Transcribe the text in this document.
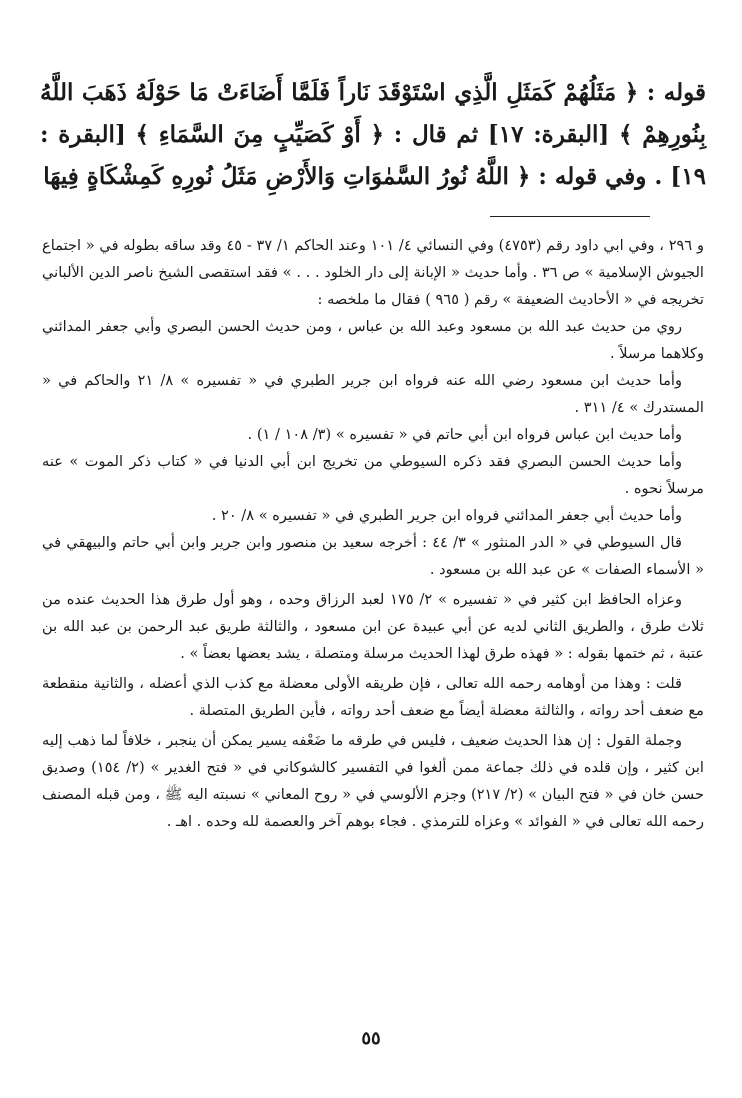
قوله : ﴿ مَثَلُهُمْ كَمَثَلِ الَّذِي اسْتَوْقَدَ نَاراً فَلَمَّا أَضَاءَتْ مَا حَوْلَهُ ذَهَبَ اللَّهُ بِنُورِهِمْ ﴾ [البقرة: ١٧] ثم قال : ﴿ أَوْ كَصَيِّبٍ مِنَ السَّمَاءِ ﴾ [البقرة : ١٩] . وفي قوله : ﴿ اللَّهُ نُورُ السَّمٰوَاتِ وَالأَرْضِ مَثَلُ نُورِهِ كَمِشْكَاةٍ فِيهَا

و ٢٩٦ ، وفي ابي داود رقم (٤٧٥٣) وفي النسائي ٤/ ١٠١ وعند الحاكم ١/ ٣٧ - ٤٥ وقد ساقه بطوله في « اجتماع الجيوش الإسلامية » ص ٣٦ . وأما حديث « الإبانة إلى دار الخلود . . . » فقد استقصى الشيخ ناصر الدين الألباني تخريجه في « الأحاديث الضعيفة » رقم ( ٩٦٥ ) فقال ما ملخصه :

روي من حديث عبد الله بن مسعود وعبد الله بن عباس ، ومن حديث الحسن البصري وأبي جعفر المدائني وكلاهما مرسلاً .

وأما حديث ابن مسعود رضي الله عنه فرواه ابن جرير الطبري في « تفسيره » ٨/ ٢١ والحاكم في « المستدرك » ٤/ ٣١١ .

وأما حديث ابن عباس فرواه ابن أبي حاتم في « تفسيره » (٣/ ١٠٨ / ١) .

وأما حديث الحسن البصري فقد ذكره السيوطي من تخريج ابن أبي الدنيا في « كتاب ذكر الموت » عنه مرسلاً نحوه .

وأما حديث أبي جعفر المدائني فرواه ابن جرير الطبري في « تفسيره » ٨/ ٢٠ .

قال السيوطي في « الدر المنثور » ٣/ ٤٤ : أخرجه سعيد بن منصور وابن جرير وابن أبي حاتم والبيهقي في « الأسماء الصفات » عن عبد الله بن مسعود .

وعزاه الحافظ ابن كثير في « تفسيره » ٢/ ١٧٥ لعبد الرزاق وحده ، وهو أول طرق هذا الحديث عنده من ثلاث طرق ، والطريق الثاني لديه عن أبي عبيدة عن ابن مسعود ، والثالثة طريق عبد الرحمن بن عبد الله بن عتبة ، ثم ختمها بقوله : « فهذه طرق لهذا الحديث مرسلة ومتصلة ، يشد بعضها بعضاً » .

قلت : وهذا من أوهامه رحمه الله تعالى ، فإن طريقه الأولى معضلة مع كذب الذي أعضله ، والثانية منقطعة مع ضعف أحد رواته ، والثالثة معضلة أيضاً مع ضعف أحد رواته ، فأين الطريق المتصلة .

وجملة القول : إن هذا الحديث ضعيف ، فليس في طرقه ما ضَعْفه يسير يمكن أن ينجبر ، خلافاً لما ذهب إليه ابن كثير ، وإن قلده في ذلك جماعة ممن ألغوا في التفسير كالشوكاني في « فتح الغدير » (٢/ ١٥٤) وصديق حسن خان في « فتح البيان » (٢/ ٢١٧) وجزم الألوسي في « روح المعاني » نسبته اليه ﷺ ، ومن قبله المصنف رحمه الله تعالى في « الفوائد » وعزاه للترمذي . فجاء بوهم آخر والعصمة لله وحده . اهـ .

٥٥
